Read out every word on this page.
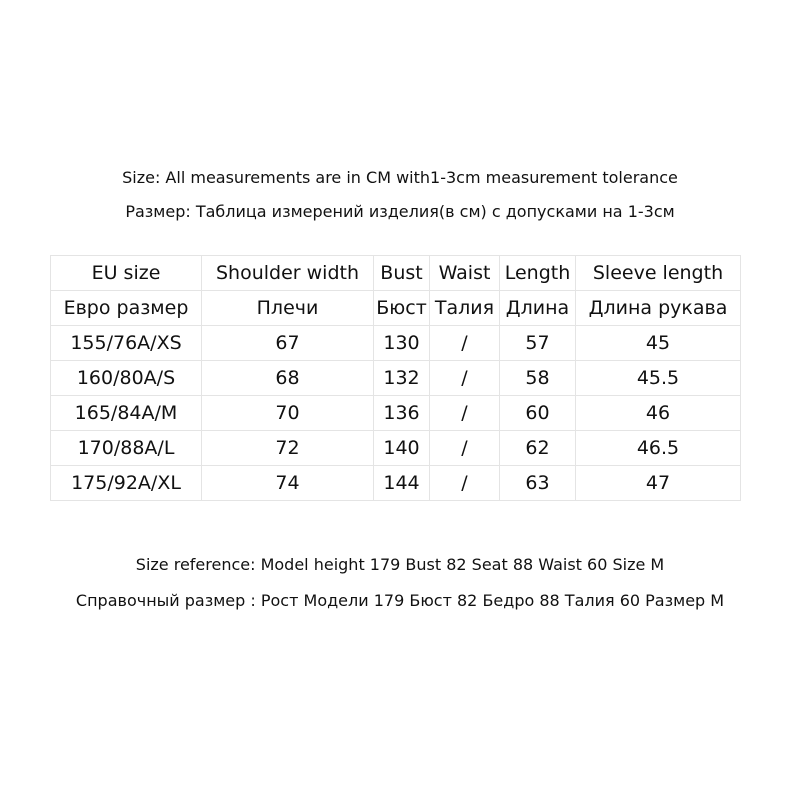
Size: All measurements are in CM with1-3cm measurement tolerance
Размер: Таблица измерений изделия(в см) с допусками на 1-3см
EU size	Shoulder width	Bust	Waist	Length	Sleeve length
Евро размер	Плечи	Бюст	Талия	Длина	Длина рукава
155/76A/XS	67	130	/	57	45
160/80A/S	68	132	/	58	45.5
165/84A/M	70	136	/	60	46
170/88A/L	72	140	/	62	46.5
175/92A/XL	74	144	/	63	47
Size reference: Model height 179 Bust 82 Seat 88 Waist 60 Size M
Справочный размер : Рост Модели 179 Бюст 82 Бедро 88 Талия 60 Размер М
